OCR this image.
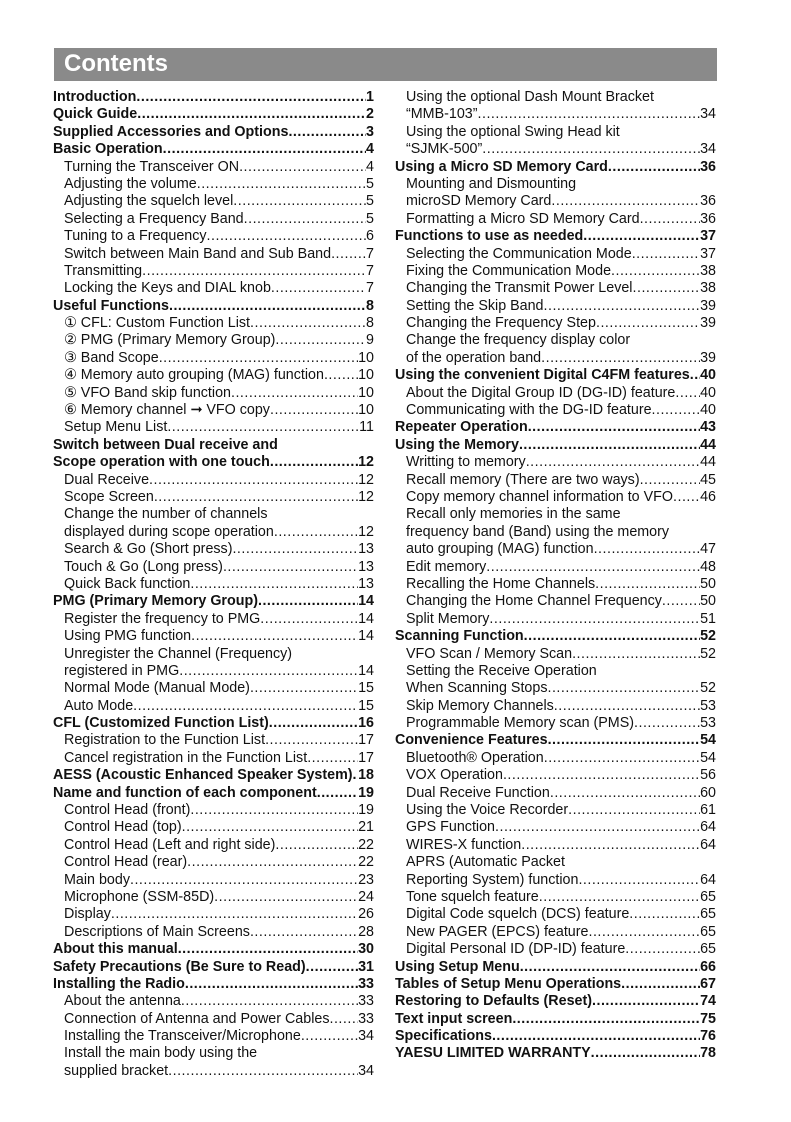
Contents
Introduction .....	1
Quick Guide .....	2
Supplied Accessories and Options .....	3
Basic Operation .....	4
Turning the Transceiver ON .....	4
Adjusting the volume .....	5
Adjusting the squelch level .....	5
Selecting a Frequency Band .....	5
Tuning to a Frequency .....	6
Switch between Main Band and Sub Band ..... 7
Transmitting .....	7
Locking the Keys and DIAL knob .....	7
Useful Functions .....	8
① CFL: Custom Function List .....	8
② PMG (Primary Memory Group) .....	9
③ Band Scope .....	10
④ Memory auto grouping (MAG) function ..... 10
⑤ VFO Band skip function .....	10
⑥ Memory channel ➞ VFO copy .....	10
Setup Menu List .....	11
Switch between Dual receive and
Scope operation with one touch .....	12
Dual Receive .....	12
Scope Screen .....	12
Change the number of channels
displayed during scope operation .....	12
Search & Go (Short press) .....	13
Touch & Go (Long press) .....	13
Quick Back function .....	13
PMG (Primary Memory Group) .....	14
Register the frequency to PMG .....	14
Using PMG function .....	14
Unregister the Channel (Frequency)
registered in PMG .....	14
Normal Mode (Manual Mode) .....	15
Auto Mode .....	15
CFL (Customized Function List) .....	16
Registration to the Function List .....	17
Cancel registration in the Function List .....	17
AESS (Acoustic Enhanced Speaker System) ..... 18
Name and function of each component .....	19
Control Head (front) .....	19
Control Head (top) .....	21
Control Head (Left and right side) .....	22
Control Head (rear) .....	22
Main body .....	23
Microphone (SSM-85D) .....	24
Display .....	26
Descriptions of Main Screens .....	28
About this manual .....	30
Safety Precautions (Be Sure to Read) .....	31
Installing the Radio .....	33
About the antenna .....	33
Connection of Antenna and Power Cables ..... 33
Installing the Transceiver/Microphone .....	34
Install the main body using the
supplied bracket .....	34
Using the optional Dash Mount Bracket
“MMB-103” .....	34
Using the optional Swing Head kit
“SJMK-500” .....	34
Using a Micro SD Memory Card .....	36
Mounting and Dismounting
microSD Memory Card .....	36
Formatting a Micro SD Memory Card .....	36
Functions to use as needed .....	37
Selecting the Communication Mode .....	37
Fixing the Communication Mode .....	38
Changing the Transmit Power Level .....	38
Setting the Skip Band .....	39
Changing the Frequency Step .....	39
Change the frequency display color
of the operation band .....	39
Using the convenient Digital C4FM features ..... 40
About the Digital Group ID (DG-ID) feature ..... 40
Communicating with the DG-ID feature .....	40
Repeater Operation .....	43
Using the Memory .....	44
Writting to memory .....	44
Recall memory (There are two ways) .....	45
Copy memory channel information to VFO ..... 46
Recall only memories in the same
frequency band (Band) using the memory
auto grouping (MAG) function .....	47
Edit memory .....	48
Recalling the Home Channels .....	50
Changing the Home Channel Frequency .....	50
Split Memory .....	51
Scanning Function .....	52
VFO Scan / Memory Scan .....	52
Setting the Receive Operation
When Scanning Stops .....	52
Skip Memory Channels .....	53
Programmable Memory scan (PMS) .....	53
Convenience Features .....	54
Bluetooth® Operation .....	54
VOX Operation .....	56
Dual Receive Function .....	60
Using the Voice Recorder .....	61
GPS Function .....	64
WIRES-X function .....	64
APRS (Automatic Packet
Reporting System) function .....	64
Tone squelch feature .....	65
Digital Code squelch (DCS) feature .....	65
New PAGER (EPCS) feature .....	65
Digital Personal ID (DP-ID) feature .....	65
Using Setup Menu .....	66
Tables of Setup Menu Operations .....	67
Restoring to Defaults (Reset) .....	74
Text input screen .....	75
Specifications .....	76
YAESU LIMITED WARRANTY .....	78
